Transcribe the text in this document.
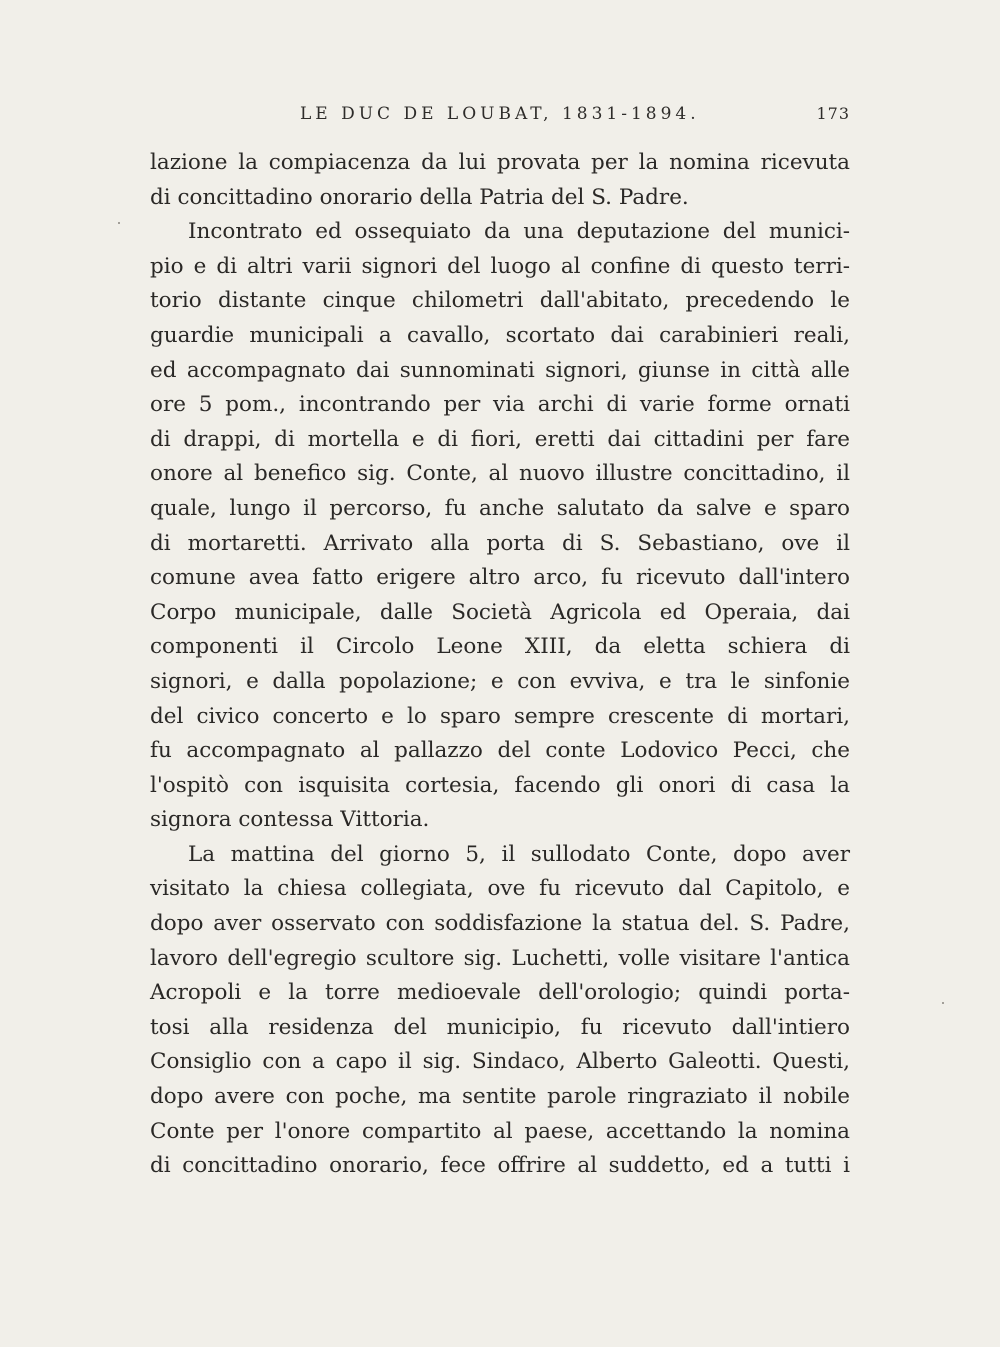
LE DUC DE LOUBAT, 1831-1894.	173
lazione la compiacenza da lui provata per la nomina ricevuta
di concittadino onorario della Patria del S. Padre.
Incontrato ed ossequiato da una deputazione del munici-
pio e di altri varii signori del luogo al confine di questo terri-
torio distante cinque chilometri dall'abitato, precedendo le
guardie municipali a cavallo, scortato dai carabinieri reali,
ed accompagnato dai sunnominati signori, giunse in città alle
ore 5 pom., incontrando per via archi di varie forme ornati
di drappi, di mortella e di fiori, eretti dai cittadini per fare
onore al benefico sig. Conte, al nuovo illustre concittadino, il
quale, lungo il percorso, fu anche salutato da salve e sparo
di mortaretti. Arrivato alla porta di S. Sebastiano, ove il
comune avea fatto erigere altro arco, fu ricevuto dall'intero
Corpo municipale, dalle Società Agricola ed Operaia, dai
componenti il Circolo Leone XIII, da eletta schiera di
signori, e dalla popolazione; e con evviva, e tra le sinfonie
del civico concerto e lo sparo sempre crescente di mortari,
fu accompagnato al pallazzo del conte Lodovico Pecci, che
l'ospitò con isquisita cortesia, facendo gli onori di casa la
signora contessa Vittoria.
La mattina del giorno 5, il sullodato Conte, dopo aver
visitato la chiesa collegiata, ove fu ricevuto dal Capitolo, e
dopo aver osservato con soddisfazione la statua del. S. Padre,
lavoro dell'egregio scultore sig. Luchetti, volle visitare l'antica
Acropoli e la torre medioevale dell'orologio; quindi porta-
tosi alla residenza del municipio, fu ricevuto dall'intiero
Consiglio con a capo il sig. Sindaco, Alberto Galeotti. Questi,
dopo avere con poche, ma sentite parole ringraziato il nobile
Conte per l'onore compartito al paese, accettando la nomina
di concittadino onorario, fece offrire al suddetto, ed a tutti i
